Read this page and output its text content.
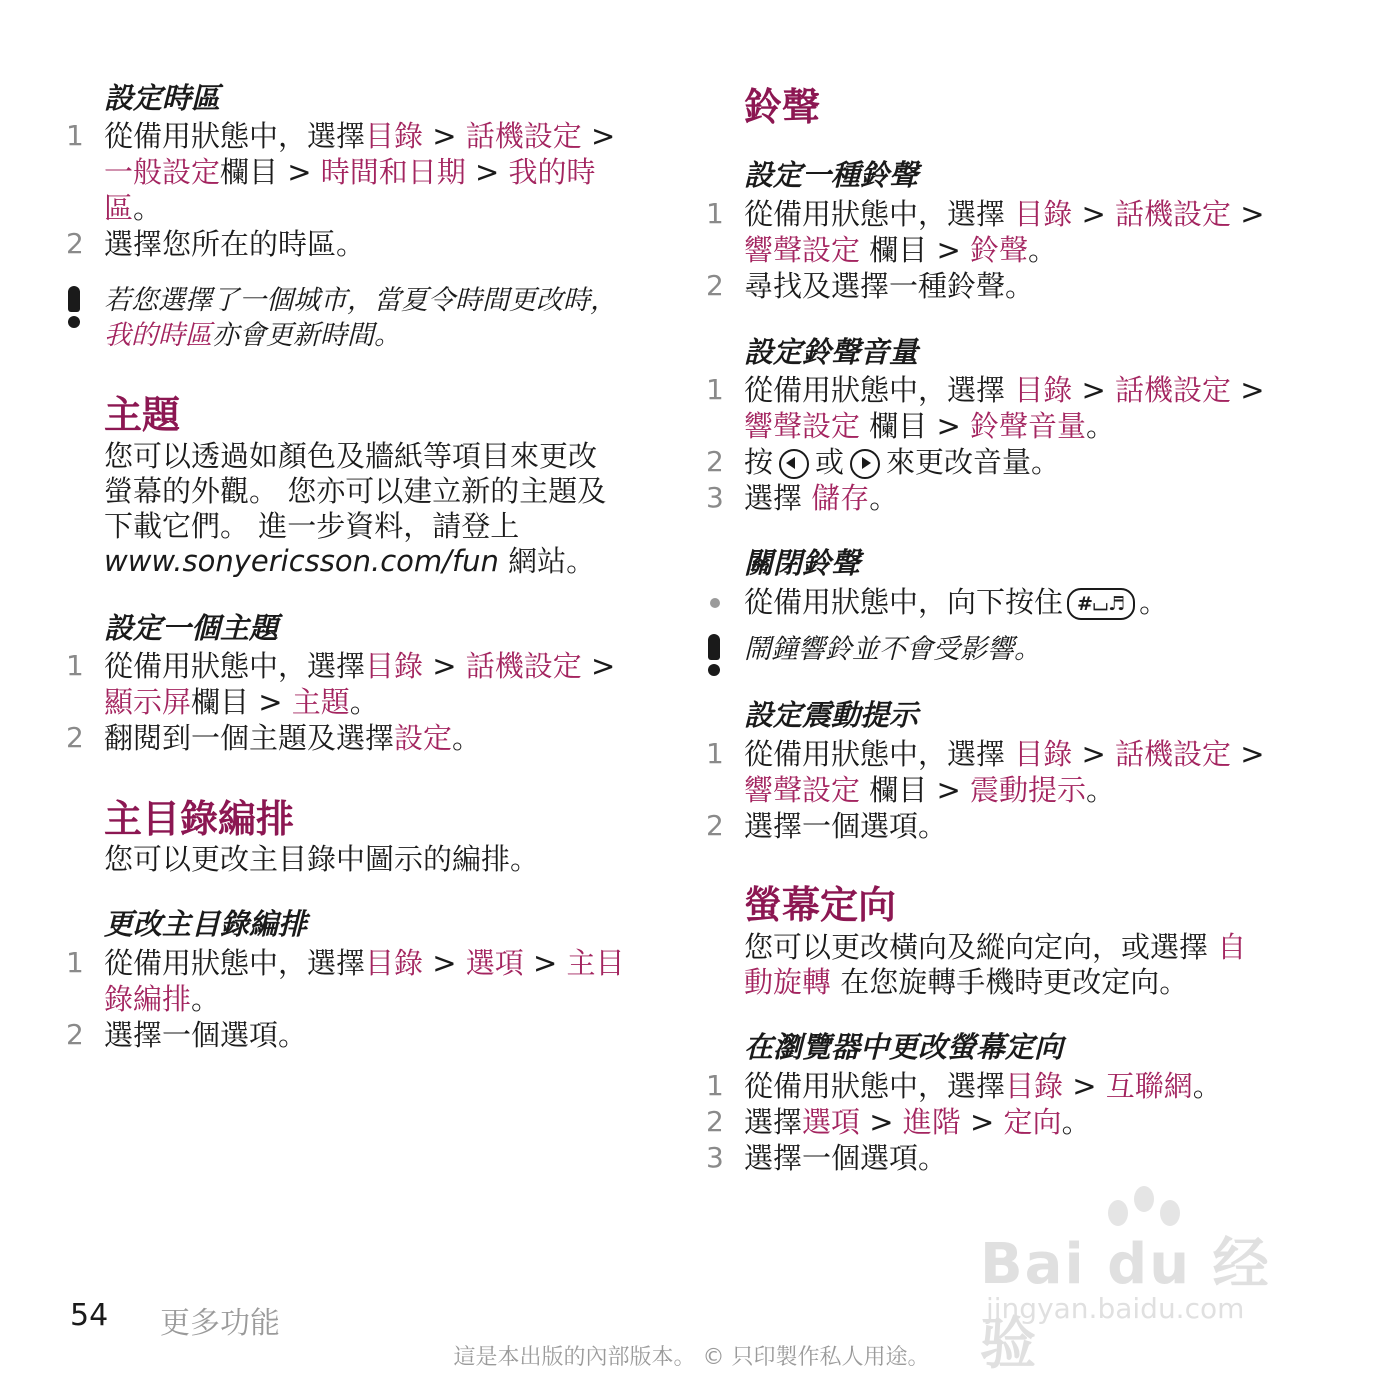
設定時區
1 從備用狀態中，選擇目錄 > 話機設定 >
一般設定欄目 > 時間和日期 > 我的時
區。
2 選擇您所在的時區。
若您選擇了一個城市，當夏令時間更改時，
我的時區亦會更新時間。
主題
您可以透過如顏色及牆紙等項目來更改
螢幕的外觀。 您亦可以建立新的主題及
下載它們。 進一步資料，請登上
www.sonyericsson.com/fun 網站。
設定一個主題
1 從備用狀態中，選擇目錄 > 話機設定 >
顯示屏欄目 > 主題。
2 翻閱到一個主題及選擇設定。
主目錄編排
您可以更改主目錄中圖示的編排。
更改主目錄編排
1 從備用狀態中，選擇目錄 > 選項 > 主目
錄編排。
2 選擇一個選項。
鈴聲
設定一種鈴聲
1 從備用狀態中，選擇 目錄 > 話機設定 >
響聲設定 欄目 > 鈴聲。
2 尋找及選擇一種鈴聲。
設定鈴聲音量
1 從備用狀態中，選擇 目錄 > 話機設定 >
響聲設定 欄目 > 鈴聲音量。
2 按 或 來更改音量。
3 選擇 儲存。
關閉鈴聲
從備用狀態中，向下按住 #⌴♬ 。
鬧鐘響鈴並不會受影響。
設定震動提示
1 從備用狀態中，選擇 目錄 > 話機設定 >
響聲設定 欄目 > 震動提示。
2 選擇一個選項。
螢幕定向
您可以更改橫向及縱向定向，或選擇 自
動旋轉 在您旋轉手機時更改定向。
在瀏覽器中更改螢幕定向
1 從備用狀態中，選擇目錄 > 互聯網。
2 選擇選項 > 進階 > 定向。
3 選擇一個選項。
Bai du 经验
jingyan.baidu.com
54 更多功能
這是本出版的內部版本。 © 只印製作私人用途。
